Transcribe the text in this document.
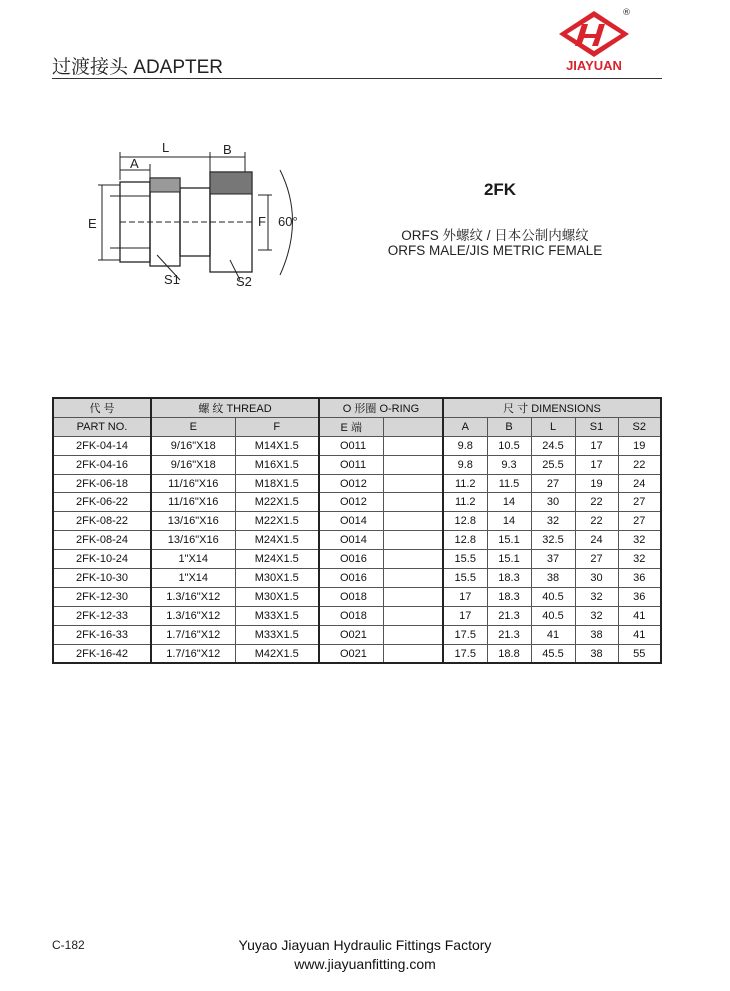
过渡接头 ADAPTER
®
JIAYUAN
L
A
B
E	F 60°
S1	S2
2FK
ORFS 外螺纹 / 日本公制内螺纹
ORFS MALE/JIS METRIC FEMALE
代 号	螺 纹 THREAD		O 形圈 O-RING		尺 寸 DIMENSIONS				
PART NO.	E	F	E 端		A	B	L	S1	S2
2FK-04-14	9/16"X18	M14X1.5	O011		9.8	10.5	24.5	17	19
2FK-04-16	9/16"X18	M16X1.5	O011		9.8	9.3	25.5	17	22
2FK-06-18	11/16"X16	M18X1.5	O012		11.2	11.5	27	19	24
2FK-06-22	11/16"X16	M22X1.5	O012		11.2	14	30	22	27
2FK-08-22	13/16"X16	M22X1.5	O014		12.8	14	32	22	27
2FK-08-24	13/16"X16	M24X1.5	O014		12.8	15.1	32.5	24	32
2FK-10-24	1"X14	M24X1.5	O016		15.5	15.1	37	27	32
2FK-10-30	1"X14	M30X1.5	O016		15.5	18.3	38	30	36
2FK-12-30	1.3/16"X12	M30X1.5	O018		17	18.3	40.5	32	36
2FK-12-33	1.3/16"X12	M33X1.5	O018		17	21.3	40.5	32	41
2FK-16-33	1.7/16"X12	M33X1.5	O021		17.5	21.3	41	38	41
2FK-16-42	1.7/16"X12	M42X1.5	O021		17.5	18.8	45.5	38	55
C-182	Yuyao Jiayuan Hydraulic Fittings Factory
www.jiayuanfitting.com
